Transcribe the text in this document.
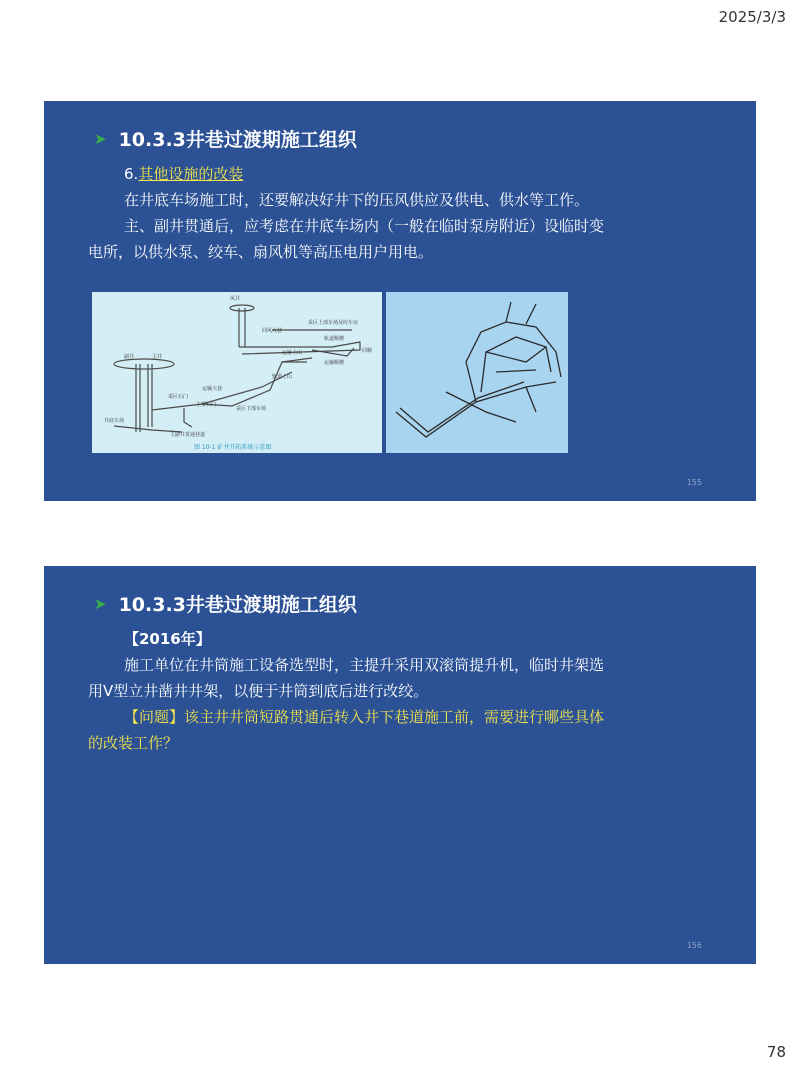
2025/3/3
➤ 10.3.3井巷过渡期施工组织

6.其他设施的改装

在井底车场施工时，还要解决好井下的压风供应及供电、供水等工作。

主、副井贯通后，应考虑在井底车场内（一般在临时泵房附近）设临时变电所，以供水泵、绞车、扇风机等高压电用户用电。

风井
回风大巷
采区上部车场及绞车房
轨道顺槽
回顺
副井	主井
运输上山
运输顺槽
轨道上山
运输大巷
井底车场
采区石门
主要石门
采区下部车场
主副井贯通巷道
图 10-1 矿井开拓系统示意图
155
➤ 10.3.3井巷过渡期施工组织

【2016年】

施工单位在井筒施工设备选型时，主提升采用双滚筒提升机，临时井架选用V型立井凿井井架，以便于井筒到底后进行改绞。

【问题】该主井井筒短路贯通后转入井下巷道施工前，需要进行哪些具体的改装工作？

156
78
